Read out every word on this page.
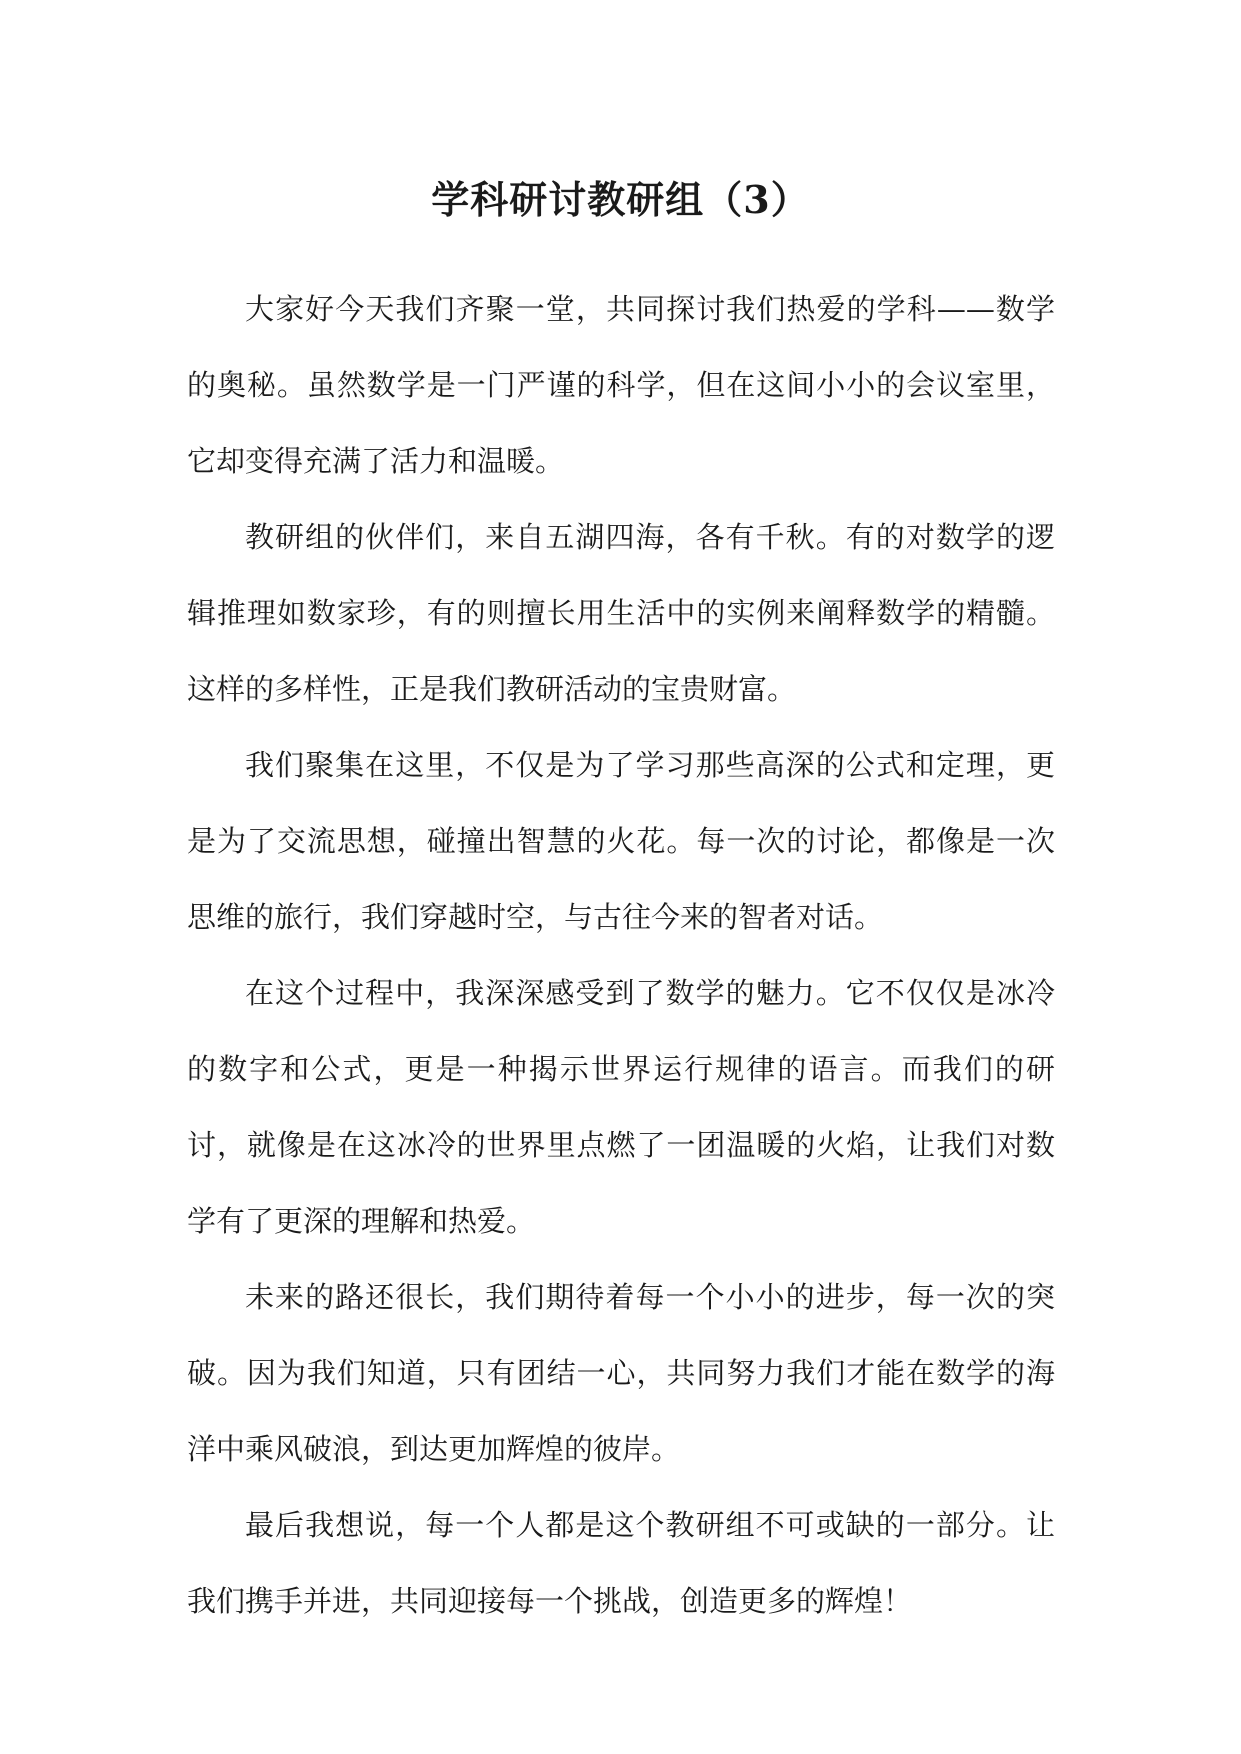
学科研讨教研组（3）

大家好今天我们齐聚一堂，共同探讨我们热爱的学科——数学的奥秘。虽然数学是一门严谨的科学，但在这间小小的会议室里，它却变得充满了活力和温暖。

教研组的伙伴们，来自五湖四海，各有千秋。有的对数学的逻辑推理如数家珍，有的则擅长用生活中的实例来阐释数学的精髓。这样的多样性，正是我们教研活动的宝贵财富。

我们聚集在这里，不仅是为了学习那些高深的公式和定理，更是为了交流思想，碰撞出智慧的火花。每一次的讨论，都像是一次思维的旅行，我们穿越时空，与古往今来的智者对话。

在这个过程中，我深深感受到了数学的魅力。它不仅仅是冰冷的数字和公式，更是一种揭示世界运行规律的语言。而我们的研讨，就像是在这冰冷的世界里点燃了一团温暖的火焰，让我们对数学有了更深的理解和热爱。

未来的路还很长，我们期待着每一个小小的进步，每一次的突破。因为我们知道，只有团结一心，共同努力我们才能在数学的海洋中乘风破浪，到达更加辉煌的彼岸。

最后我想说，每一个人都是这个教研组不可或缺的一部分。让我们携手并进，共同迎接每一个挑战，创造更多的辉煌！
